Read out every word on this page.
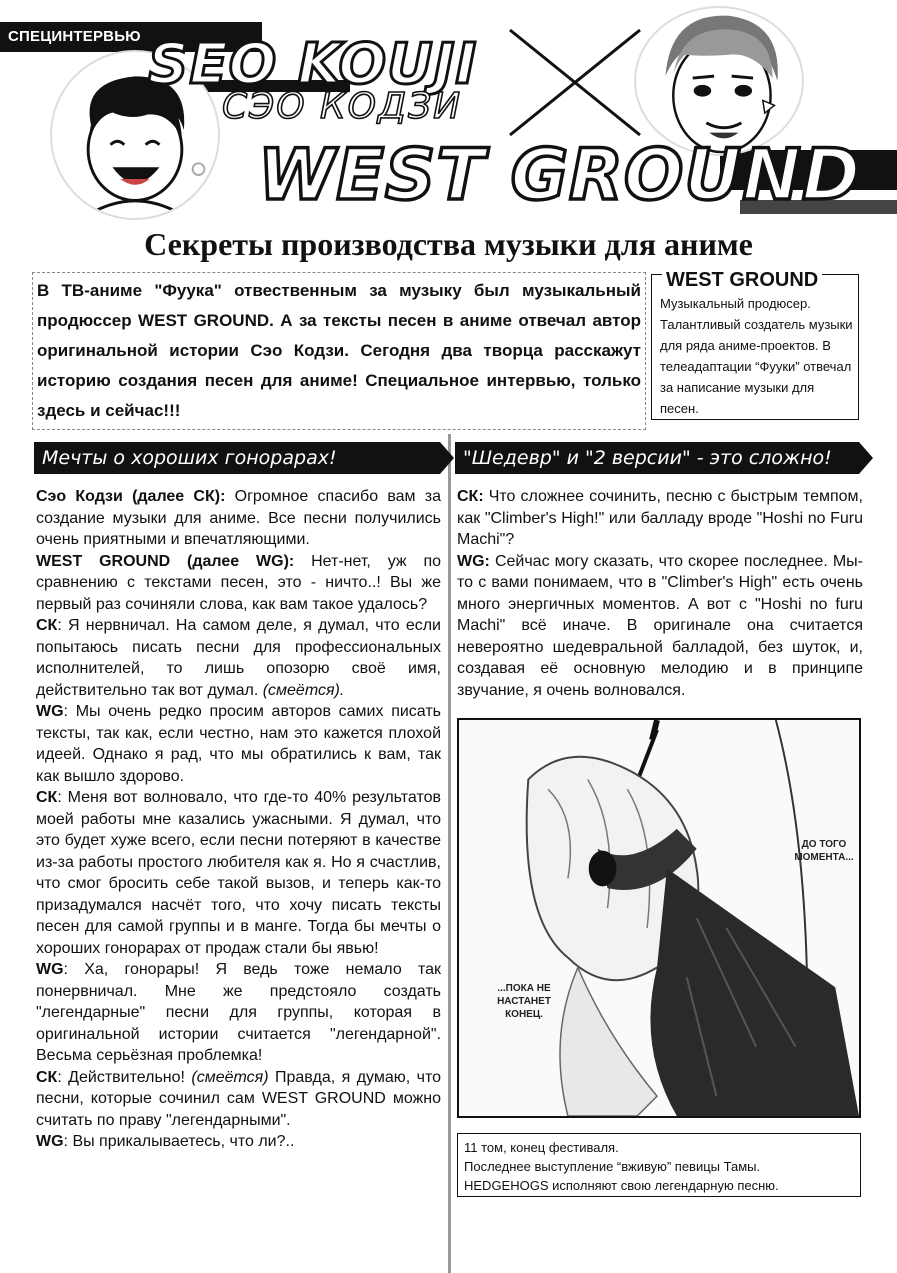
СПЕЦИНТЕРВЬЮ SEO KOUJI
СЭО КОДЗИ
WEST GROUND
Секреты производства музыки для аниме
В ТВ-аниме "Фуука" отвественным за музыку был музыкальный продюссер WEST GROUND. А за тексты песен в аниме отвечал автор оригинальной истории Сэо Кодзи. Сегодня два творца расскажут историю создания песен для аниме! Специальное интервью, только здесь и сейчас!!!
WEST GROUND
Музыкальный продюсер. Талантливый создатель музыки для ряда аниме-проектов. В телеадаптации “Фууки” отвечал за написание музыки для песен.
Мечты о хороших гонорарах!	"Шедевр" и "2 версии" - это сложно!

Сэо Кодзи (далее СК): Огромное спасибо вам за создание музыки для аниме. Все песни получились очень приятными и впечатляющими.

WEST GROUND (далее WG): Нет-нет, уж по сравнению с текстами песен, это - ничто..! Вы же первый раз сочиняли слова, как вам такое удалось?

СК: Я нервничал. На самом деле, я думал, что если попытаюсь писать песни для профессиональных исполнителей, то лишь опозорю своё имя, действительно так вот думал. (смеётся).

WG: Мы очень редко просим авторов самих писать тексты, так как, если честно, нам это кажется плохой идеей. Однако я рад, что мы обратились к вам, так как вышло здорово.

СК: Меня вот волновало, что где-то 40% результатов моей работы мне казались ужасными. Я думал, что это будет хуже всего, если песни потеряют в качестве из-за работы простого любителя как я. Но я счастлив, что смог бросить себе такой вызов, и теперь как-то призадумался насчёт того, что хочу писать тексты песен для самой группы и в манге. Тогда бы мечты о хороших гонорарах от продаж стали бы явью!

WG: Ха, гонорары! Я ведь тоже немало так понервничал. Мне же предстояло создать "легендарные" песни для группы, которая в оригинальной истории считается "легендарной". Весьма серьёзная проблемка!

СК: Действительно! (смеётся) Правда, я думаю, что песни, которые сочинил сам WEST GROUND можно считать по праву "легендарными".

WG: Вы прикалываетесь, что ли?..

СК: Что сложнее сочинить, песню с быстрым темпом, как "Climber's High!" или балладу вроде "Hoshi no Furu Machi"?

WG: Сейчас могу сказать, что скорее последнее. Мы-то с вами понимаем, что в "Climber's High" есть очень много энергичных моментов. А вот с "Hoshi no furu Machi" всё иначе. В оригинале она считается невероятно шедевральной балладой, без шуток, и, создавая её основную мелодию и в принципе звучание, я очень волновался.

ДО ТОГО МОМЕНТА...
...ПОКА НЕ НАСТАНЕТ КОНЕЦ.
11 том, конец фестиваля.
Последнее выступление “вживую” певицы Тамы.
HEDGEHOGS исполняют свою легендарную песню.
